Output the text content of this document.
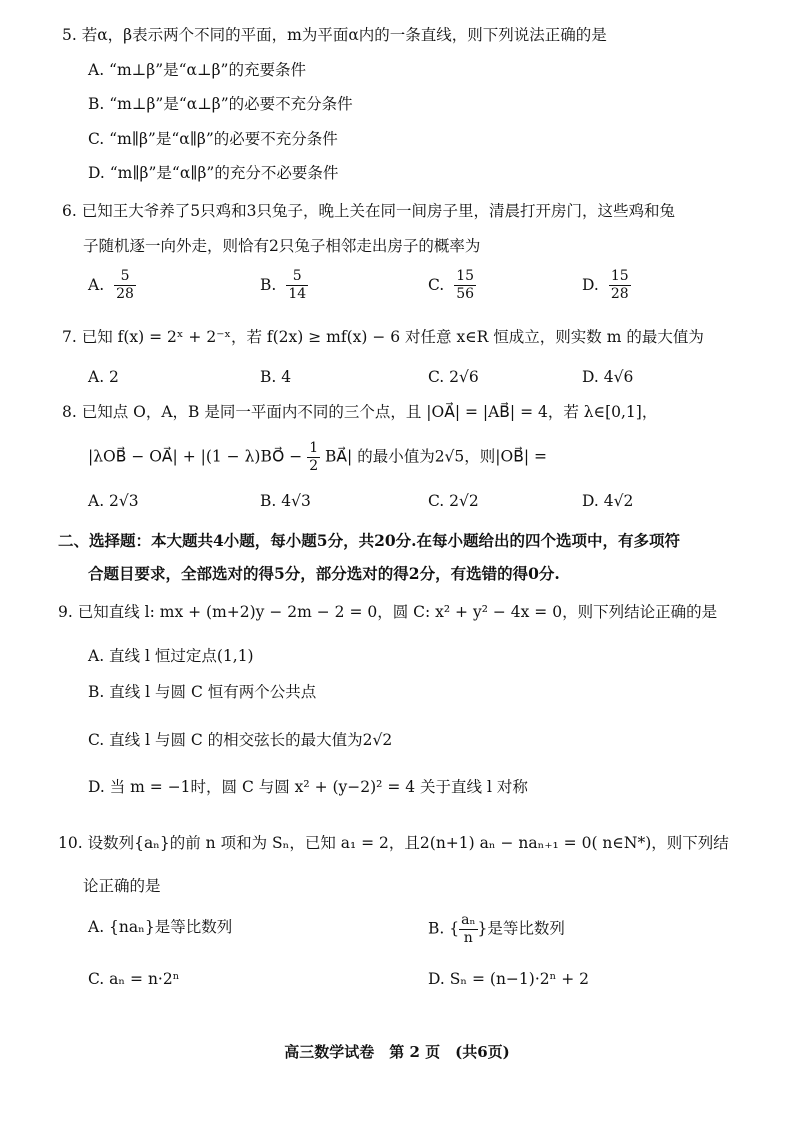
5. 若α，β表示两个不同的平面，m为平面α内的一条直线，则下列说法正确的是
A. “m⊥β”是“α⊥β”的充要条件
B. “m⊥β”是“α⊥β”的必要不充分条件
C. “m∥β”是“α∥β”的必要不充分条件
D. “m∥β”是“α∥β”的充分不必要条件
6. 已知王大爷养了5只鸡和3只兔子，晚上关在同一间房子里，清晨打开房门，这些鸡和兔
子随机逐一向外走，则恰有2只兔子相邻走出房子的概率为
A. $\frac{5}{28}$	B. $\frac{5}{14}$	C. $\frac{15}{56}$	D. $\frac{15}{28}$
7. 已知 f(x) = 2ˣ + 2⁻ˣ，若 f(2x) ≥ mf(x) − 6 对任意 x∈R 恒成立，则实数 m 的最大值为
A. 2	B. 4	C. 2√6	D. 4√6
8. 已知点 O，A，B 是同一平面内不同的三个点，且 |OA⃗| = |AB⃗| = 4，若 λ∈[0,1]，
|λOB⃗ − OA⃗| + |(1 − λ)BO⃗ − $\frac{1}{2}$ BA⃗| 的最小值为2√5，则|OB⃗| =
A. 2√3	B. 4√3	C. 2√2	D. 4√2
二、选择题：本大题共4小题，每小题5分，共20分.在每小题给出的四个选项中，有多项符
合题目要求，全部选对的得5分，部分选对的得2分，有选错的得0分.
9. 已知直线 l: mx + (m+2)y − 2m − 2 = 0，圆 C: x² + y² − 4x = 0，则下列结论正确的是
A. 直线 l 恒过定点(1,1)
B. 直线 l 与圆 C 恒有两个公共点
C. 直线 l 与圆 C 的相交弦长的最大值为2√2
D. 当 m = −1时，圆 C 与圆 x² + (y−2)² = 4 关于直线 l 对称
10. 设数列{aₙ}的前 n 项和为 Sₙ，已知 a₁ = 2，且2(n+1) aₙ − naₙ₊₁ = 0( n∈N*)，则下列结
论正确的是
A. {naₙ}是等比数列	B. { $\frac{\text{aₙ}}{n}$ }是等比数列
C. aₙ = n·2ⁿ	D. Sₙ = (n−1)·2ⁿ + 2
高三数学试卷　第 2 页　(共6页)
